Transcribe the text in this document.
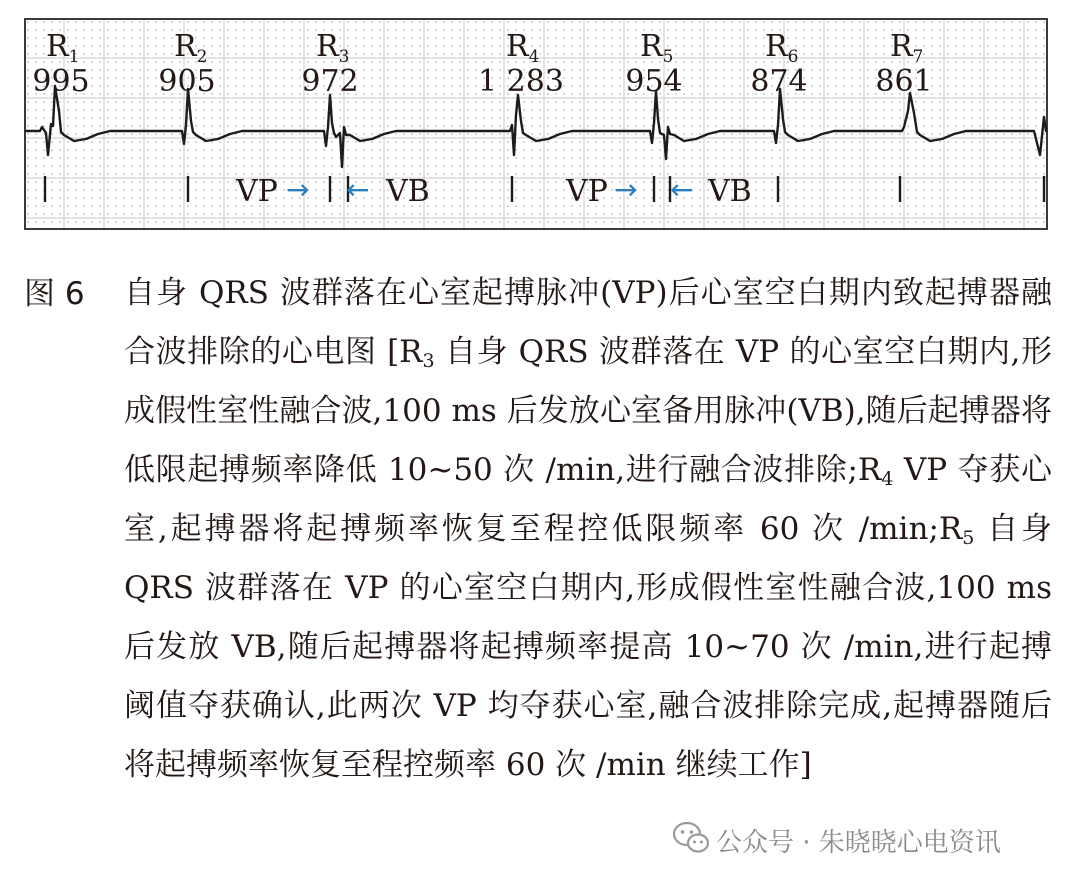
$R_1$
995
$R_2$
905
$R_3$
972
$R_4$
1 283
$R_5$
954
$R_6$
874
$R_7$
861
VP → ← VB	VP → ← VB
图 6 自身 QRS 波群落在心室起搏脉冲(VP)后心室空白期内致起搏器融合波排除的心电图 [$R_3$ 自身 QRS 波群落在 VP 的心室空白期内,形成假性室性融合波,100 ms 后发放心室备用脉冲(VB),随后起搏器将低限起搏频率降低 10~50 次 /min,进行融合波排除$;R_4$ VP 夺获心室,起搏器将起搏频率恢复至程控低限频率 60 次 $/\min;R_5$ 自身 QRS 波群落在 VP 的心室空白期内,形成假性室性融合波,100 ms 后发放 VB,随后起搏器将起搏频率提高 10~70 次 /min,进行起搏阈值夺获确认,此两次 VP 均夺获心室,融合波排除完成,起搏器随后将起搏频率恢复至程控频率 60 次 /min 继续工作]

公众号 · 朱晓晓心电资讯
